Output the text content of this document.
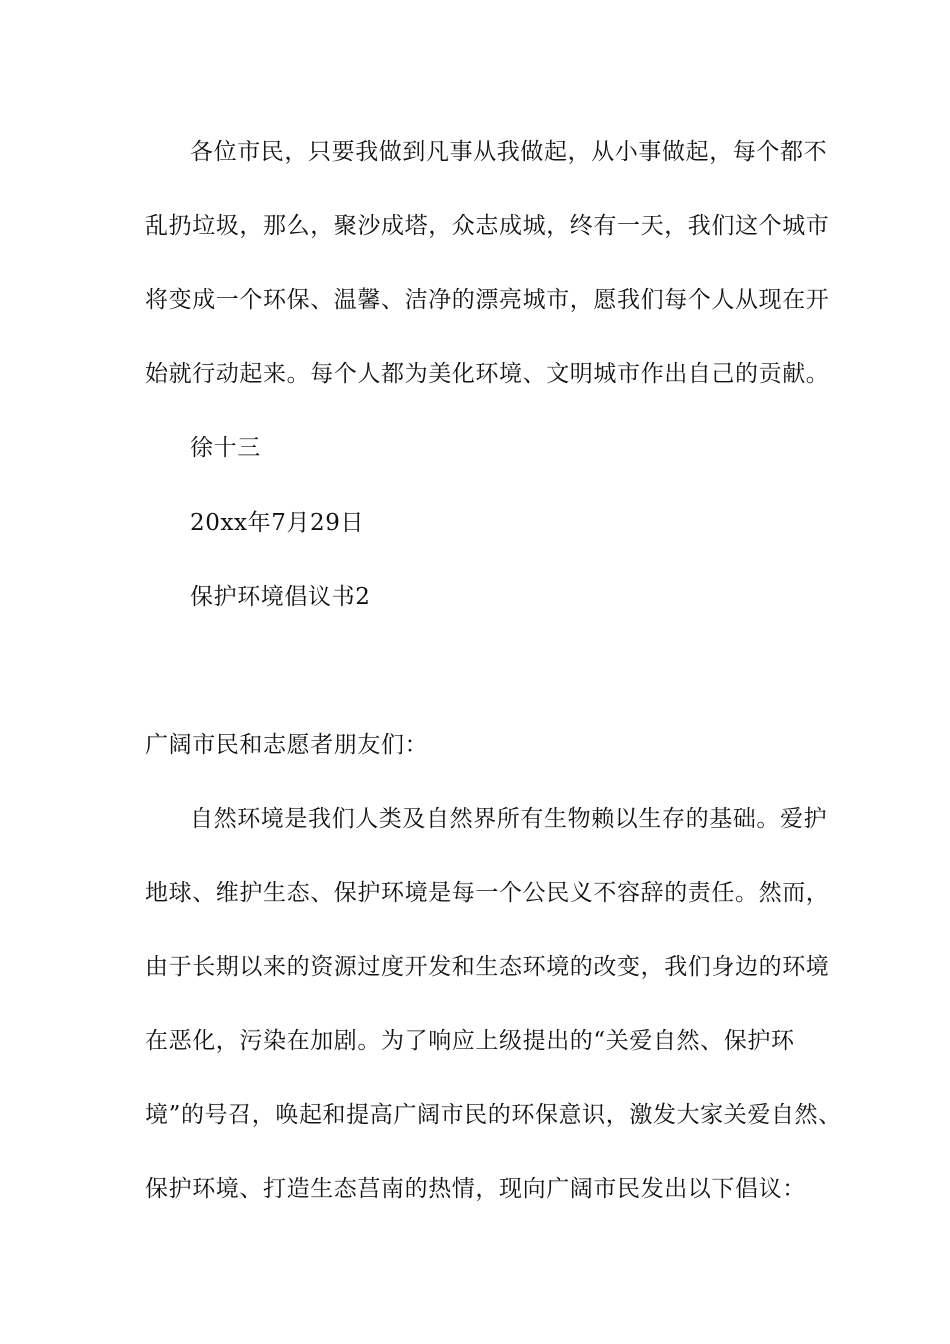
各位市民，只要我做到凡事从我做起，从小事做起，每个都不
乱扔垃圾，那么，聚沙成塔，众志成城，终有一天，我们这个城市
将变成一个环保、温馨、洁净的漂亮城市，愿我们每个人从现在开
始就行动起来。每个人都为美化环境、文明城市作出自己的贡献。
徐十三
20xx年7月29日
保护环境倡议书2
广阔市民和志愿者朋友们：
自然环境是我们人类及自然界所有生物赖以生存的基础。爱护
地球、维护生态、保护环境是每一个公民义不容辞的责任。然而，
由于长期以来的资源过度开发和生态环境的改变，我们身边的环境
在恶化，污染在加剧。为了响应上级提出的“关爱自然、保护环
境”的号召，唤起和提高广阔市民的环保意识，激发大家关爱自然、
保护环境、打造生态莒南的热情，现向广阔市民发出以下倡议：
